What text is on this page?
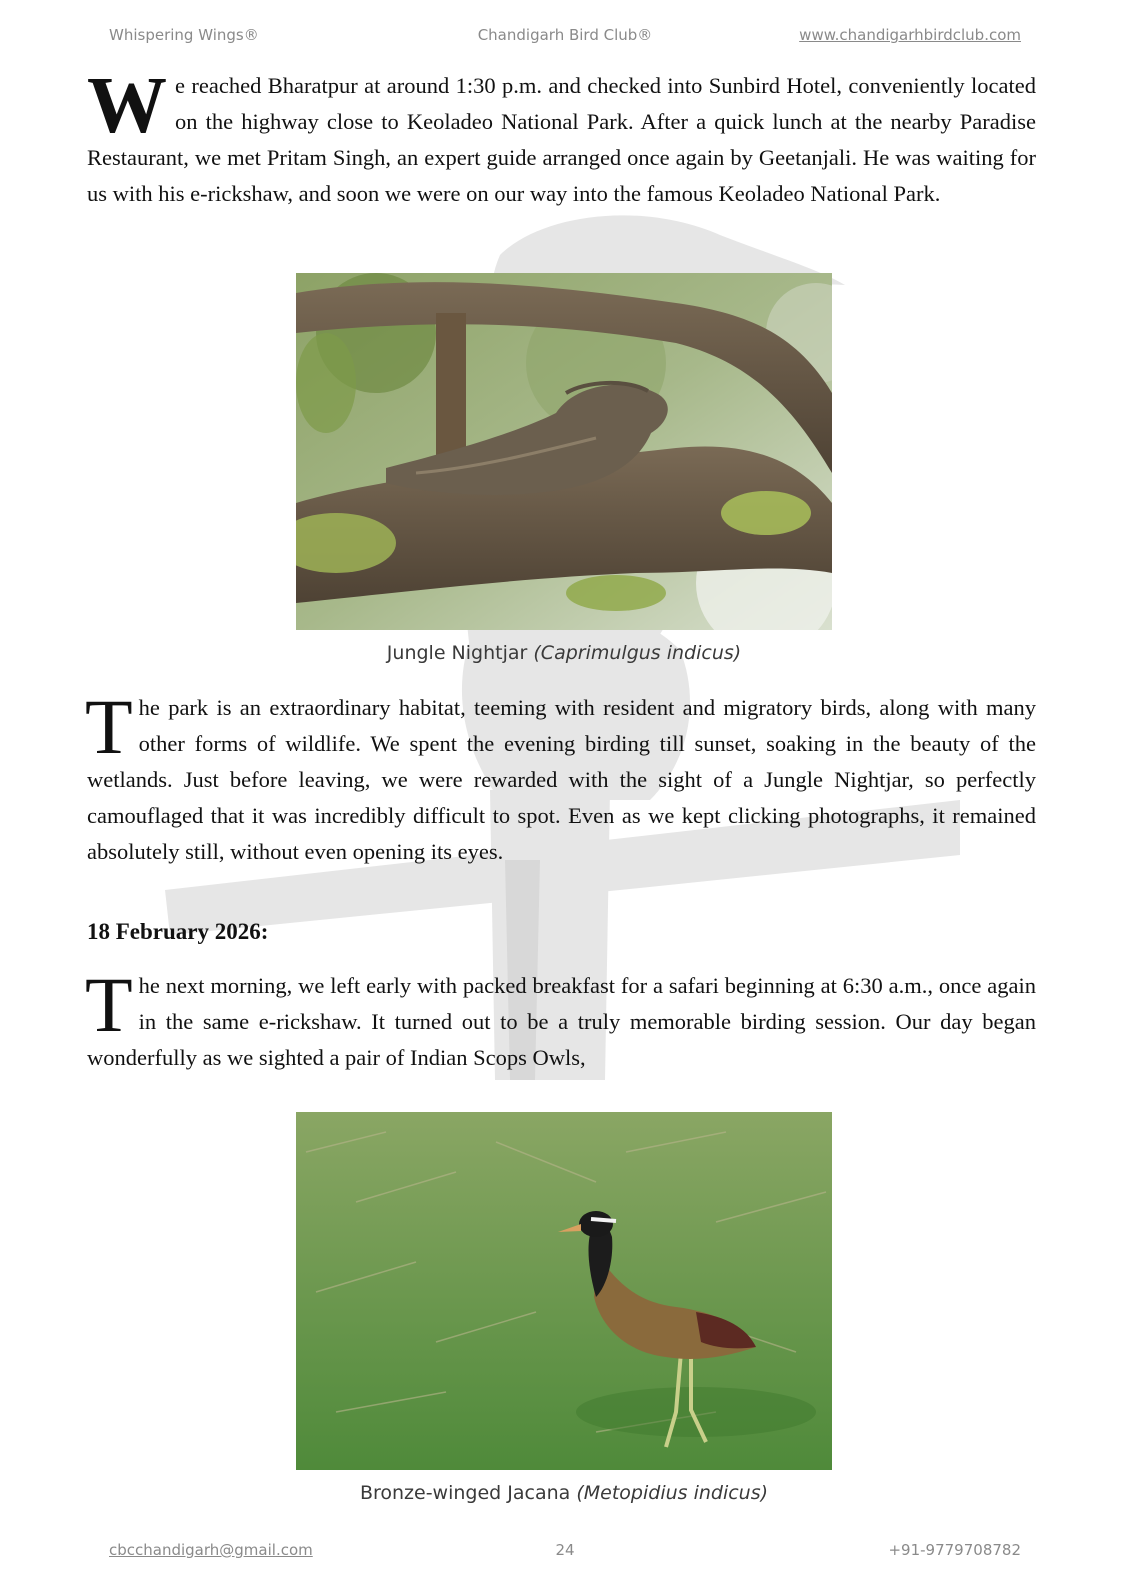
Whispering Wings®	Chandigarh Bird Club®	www.chandigarhbirdclub.com

We reached Bharatpur at around 1:30 p.m. and checked into Sunbird Hotel, conveniently located on the highway close to Keoladeo National Park. After a quick lunch at the nearby Paradise Restaurant, we met Pritam Singh, an expert guide arranged once again by Geetanjali. He was waiting for us with his e-rickshaw, and soon we were on our way into the famous Keoladeo National Park.

Jungle Nightjar (Caprimulgus indicus)

The park is an extraordinary habitat, teeming with resident and migratory birds, along with many other forms of wildlife. We spent the evening birding till sunset, soaking in the beauty of the wetlands. Just before leaving, we were rewarded with the sight of a Jungle Nightjar, so perfectly camouflaged that it was incredibly difficult to spot. Even as we kept clicking photographs, it remained absolutely still, without even opening its eyes.

18 February 2026:

The next morning, we left early with packed breakfast for a safari beginning at 6:30 a.m., once again in the same e-rickshaw. It turned out to be a truly memorable birding session. Our day began wonderfully as we sighted a pair of Indian Scops Owls,

Bronze-winged Jacana (Metopidius indicus)
cbcchandigarh@gmail.com	24	+91-9779708782
